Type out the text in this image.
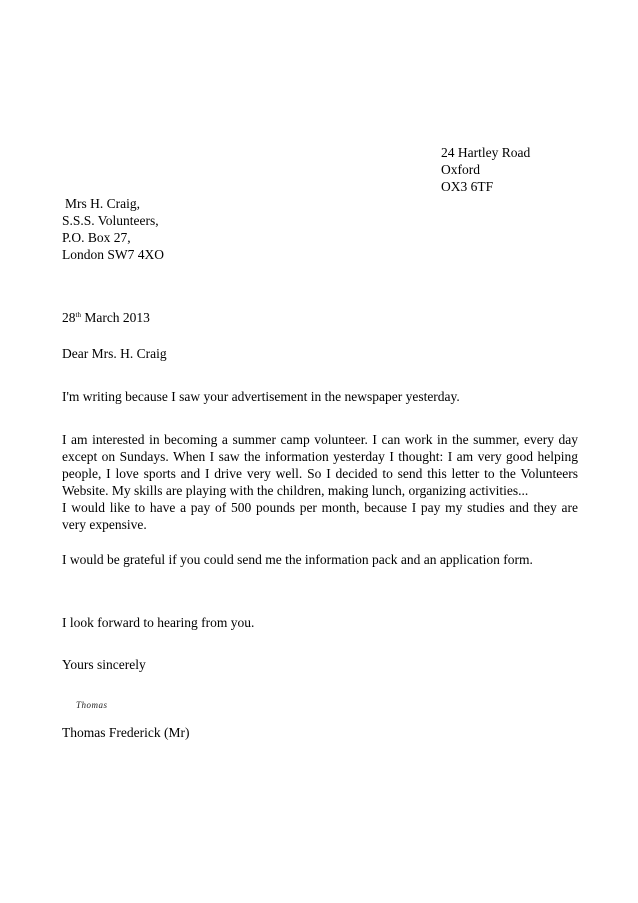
24 Hartley Road
Oxford
OX3 6TF
Mrs H. Craig,
S.S.S. Volunteers,
P.O. Box 27,
London SW7 4XO
28th March 2013
Dear Mrs. H. Craig
I'm writing because I saw your advertisement in the newspaper yesterday.
I am interested in becoming a summer camp volunteer. I can work in the summer, every day
except on Sundays. When I saw the information yesterday I thought: I am very good helping
people, I love sports and I drive very well. So I decided to send this letter to the Volunteers
Website. My skills are playing with the children, making lunch, organizing activities...
I would like to have a pay of 500 pounds per month, because I pay my studies and they are
very expensive.
I would be grateful if you could send me the information pack and an application form.
I look forward to hearing from you.
Yours sincerely
Thomas
Thomas Frederick (Mr)
